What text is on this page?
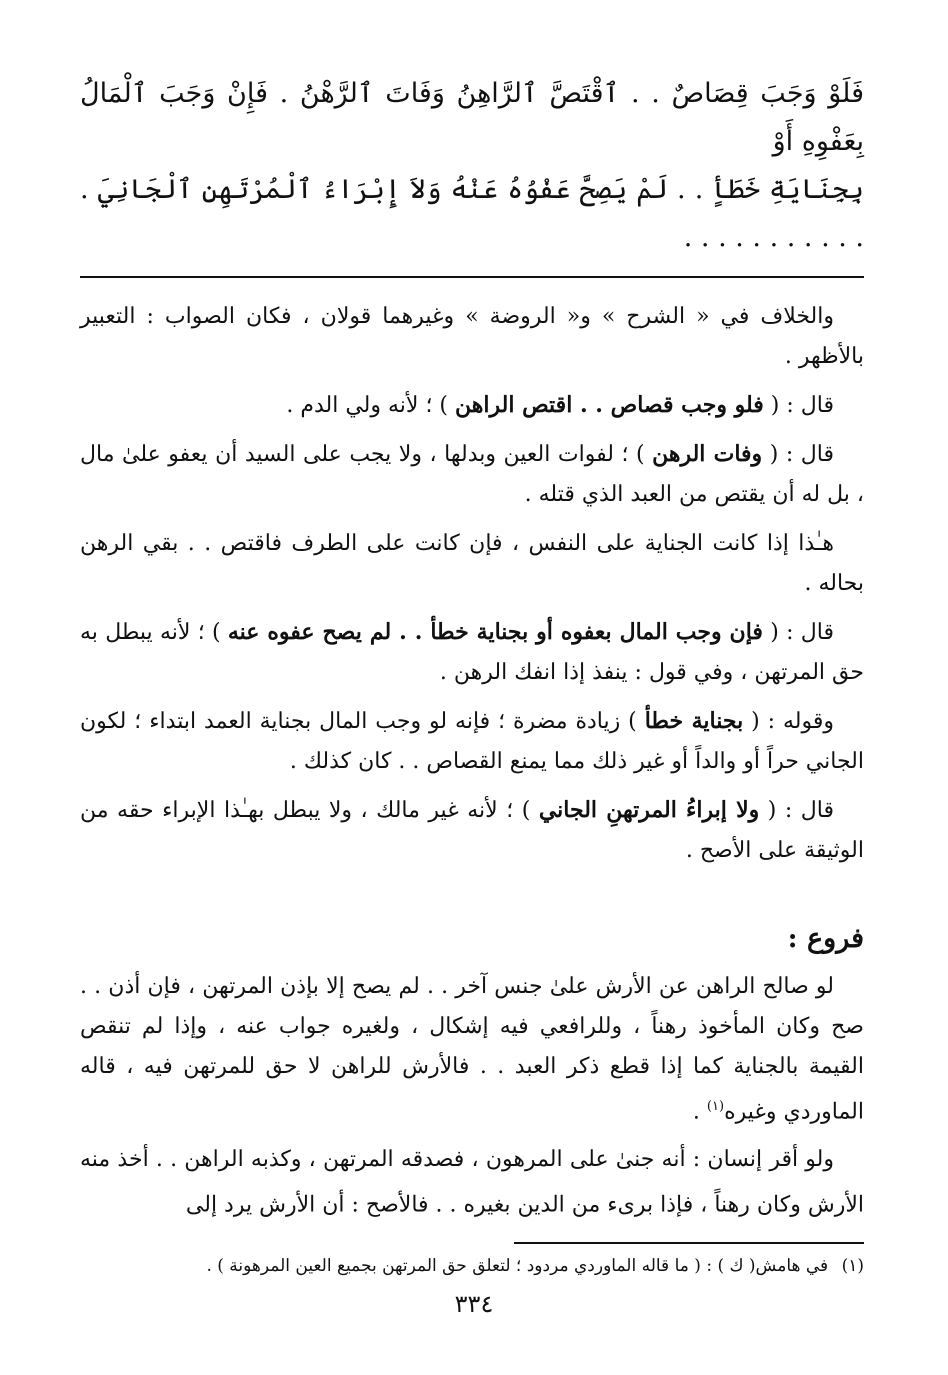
فَلَوْ وَجَبَ قِصَاصٌ . . ٱقْتَصَّ ٱلرَّاهِنُ وَفَاتَ ٱلرَّهْنُ . فَإِنْ وَجَبَ ٱلْمَالُ بِعَفْوِهِ أَوْ
بِجِنَايَةِ خَطَأٍ . . لَمْ يَصِحَّ عَفْوُهُ عَنْهُ وَلاَ إِبْرَاءُ ٱلْمُرْتَهِنِ ٱلْجَانِيَ . . . . . . . . . . . .

والخلاف في « الشرح » و« الروضة » وغيرهما قولان ، فكان الصواب : التعبير بالأظهر .

قال : ( فلو وجب قصاص . . اقتص الراهن ) ؛ لأنه ولي الدم .

قال : ( وفات الرهن ) ؛ لفوات العين وبدلها ، ولا يجب على السيد أن يعفو علىٰ مال ، بل له أن يقتص من العبد الذي قتله .

هـٰذا إذا كانت الجناية على النفس ، فإن كانت على الطرف فاقتص . . بقي الرهن بحاله .

قال : ( فإن وجب المال بعفوه أو بجناية خطأ . . لم يصح عفوه عنه ) ؛ لأنه يبطل به حق المرتهن ، وفي قول : ينفذ إذا انفك الرهن .

وقوله : ( بجناية خطأ ) زيادة مضرة ؛ فإنه لو وجب المال بجناية العمد ابتداء ؛ لكون الجاني حراً أو والداً أو غير ذلك مما يمنع القصاص . . كان كذلك .

قال : ( ولا إبراءُ المرتهنِ الجاني ) ؛ لأنه غير مالك ، ولا يبطل بهـٰذا الإبراء حقه من الوثيقة على الأصح .

فروع :

لو صالح الراهن عن الأرش علىٰ جنس آخر . . لم يصح إلا بإذن المرتهن ، فإن أذن . . صح وكان المأخوذ رهناً ، وللرافعي فيه إشكال ، ولغيره جواب عنه ، وإذا لم تنقص القيمة بالجناية كما إذا قطع ذكر العبد . . فالأرش للراهن لا حق للمرتهن فيه ، قاله الماوردي وغيره$^{(١)}$ .

ولو أقر إنسان : أنه جنىٰ على المرهون ، فصدقه المرتهن ، وكذبه الراهن . . أخذ منه الأرش وكان رهناً ، فإذا برىء من الدين بغيره . . فالأصح : أن الأرش يرد إلى

(١) في هامش( ك ) : ( ما قاله الماوردي مردود ؛ لتعلق حق المرتهن بجميع العين المرهونة ) .
٣٣٤
